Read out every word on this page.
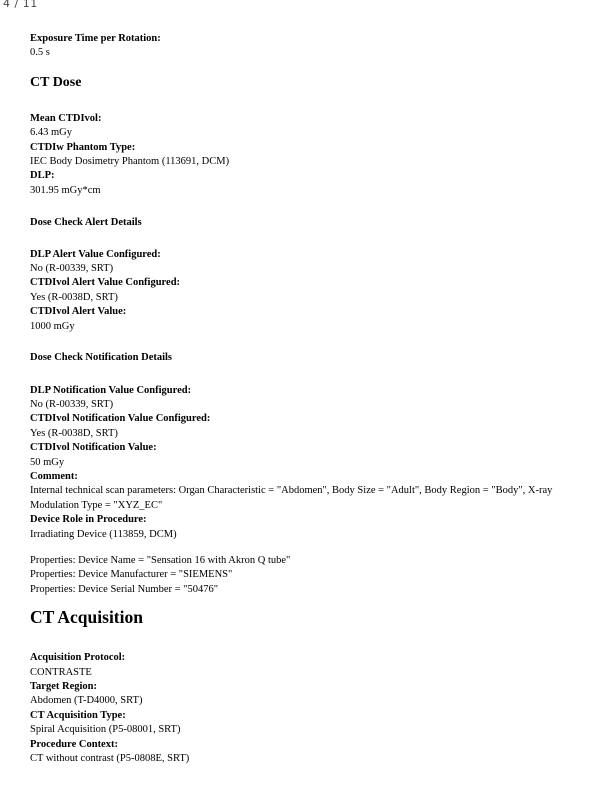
4 / 11

Exposure Time per Rotation:

0.5 s

CT Dose

Mean CTDIvol:

6.43 mGy

CTDIw Phantom Type:

IEC Body Dosimetry Phantom (113691, DCM)

DLP:

301.95 mGy*cm

Dose Check Alert Details

DLP Alert Value Configured:

No (R-00339, SRT)

CTDIvol Alert Value Configured:

Yes (R-0038D, SRT)

CTDIvol Alert Value:

1000 mGy

Dose Check Notification Details

DLP Notification Value Configured:

No (R-00339, SRT)

CTDIvol Notification Value Configured:

Yes (R-0038D, SRT)

CTDIvol Notification Value:

50 mGy

Comment:

Internal technical scan parameters: Organ Characteristic = "Abdomen", Body Size = "Adult", Body Region = "Body", X-ray Modulation Type = "XYZ_EC"

Device Role in Procedure:

Irradiating Device (113859, DCM)

Properties: Device Name = "Sensation 16 with Akron Q tube"

Properties: Device Manufacturer = "SIEMENS"

Properties: Device Serial Number = "50476"

CT Acquisition

Acquisition Protocol:

CONTRASTE

Target Region:

Abdomen (T-D4000, SRT)

CT Acquisition Type:

Spiral Acquisition (P5-08001, SRT)

Procedure Context:

CT without contrast (P5-0808E, SRT)
